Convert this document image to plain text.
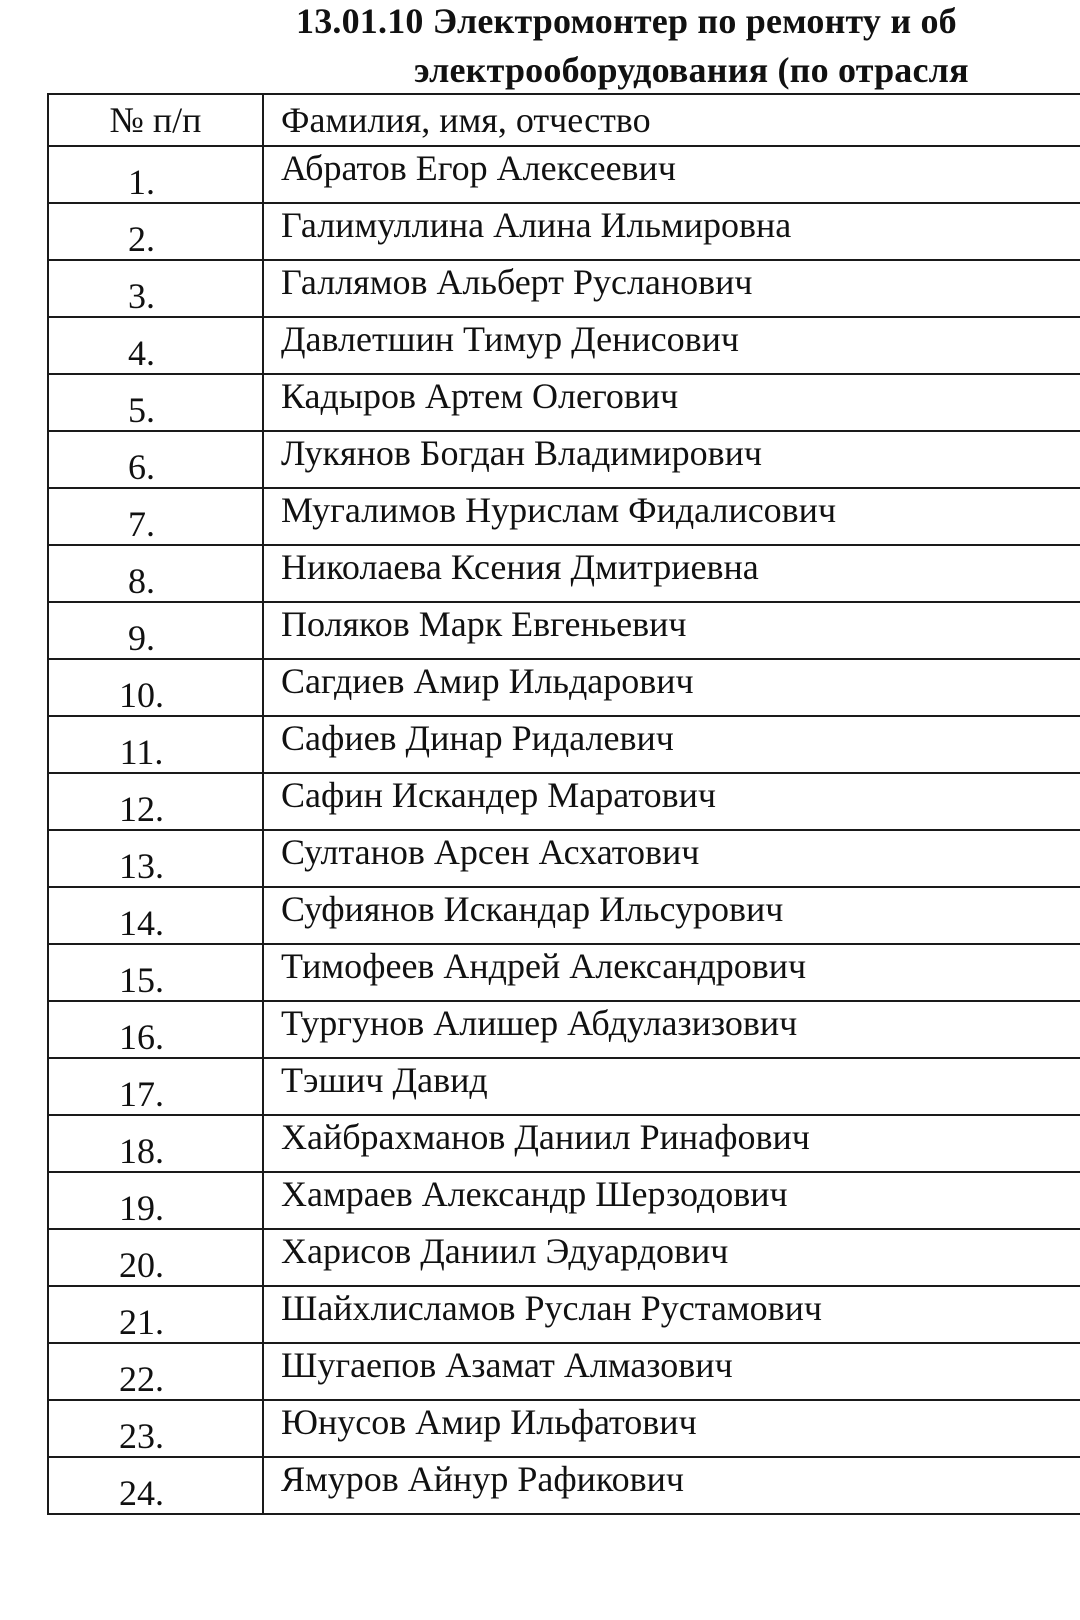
13.01.10 Электромонтер по ремонту и об
электрооборудования (по отрасля
№ п/п	Фамилия, имя, отчество
1.	Абратов Егор Алексеевич
2.	Галимуллина Алина Ильмировна
3.	Галлямов Альберт Русланович
4.	Давлетшин Тимур Денисович
5.	Кадыров Артем Олегович
6.	Лукянов Богдан Владимирович
7.	Мугалимов Нурислам Фидалисович
8.	Николаева Ксения Дмитриевна
9.	Поляков Марк Евгеньевич
10.	Сагдиев Амир Ильдарович
11.	Сафиев Динар Ридалевич
12.	Сафин Искандер Маратович
13.	Султанов Арсен Асхатович
14.	Суфиянов Искандар Ильсурович
15.	Тимофеев Андрей Александрович
16.	Тургунов Алишер Абдулазизович
17.	Тэшич Давид
18.	Хайбрахманов Даниил Ринафович
19.	Хамраев Александр Шерзодович
20.	Харисов Даниил Эдуардович
21.	Шайхлисламов Руслан Рустамович
22.	Шугаепов Азамат Алмазович
23.	Юнусов Амир Ильфатович
24.	Ямуров Айнур Рафикович
